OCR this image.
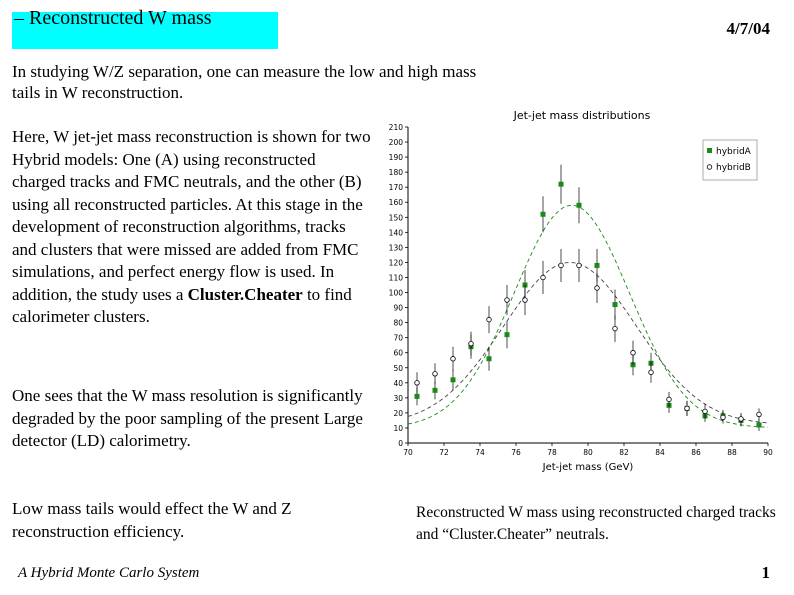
– Reconstructed W mass	4/7/04
In studying W/Z separation, one can measure the low and high mass tails in W reconstruction.
Here, W jet-jet mass reconstruction is shown for two Hybrid models: One (A) using reconstructed charged tracks and FMC neutrals, and the other (B) using all reconstructed particles. At this stage in the development of reconstruction algorithms, tracks and clusters that were missed are added from FMC simulations, and perfect energy flow is used. In addition, the study uses a Cluster.Cheater to find calorimeter clusters.
One sees that the W mass resolution is significantly degraded by the poor sampling of the present Large detector (LD) calorimetry.
Low mass tails would effect the W and Z reconstruction efficiency.
Jet-jet mass distributions
0
10
20
30
40
50
60
70
80
90
100
110
120
130
140
150
160
170
180
190
200
210
70	72	74	76	78	80	82	84	86	88	90
Jet-jet mass (GeV)
hybridA
hybridB
Reconstructed W mass using reconstructed charged tracks and “Cluster.Cheater” neutrals.
A Hybrid Monte Carlo System	1
